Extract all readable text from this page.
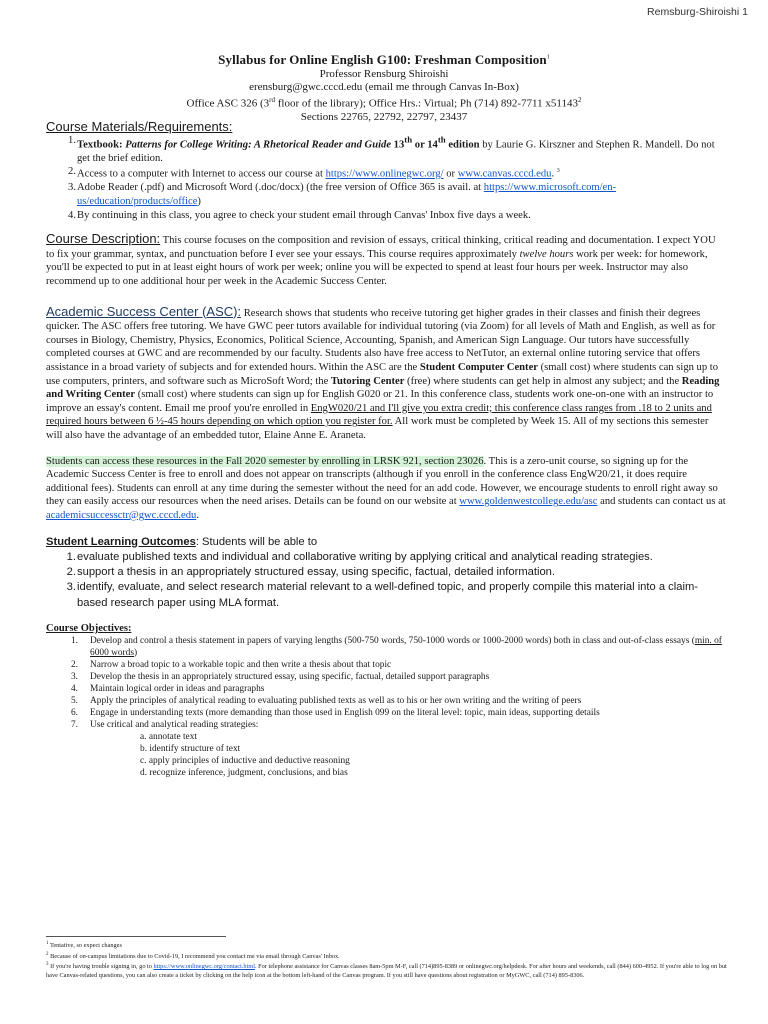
Remsburg-Shiroishi 1
Syllabus for Online English G100: Freshman Composition$^1$
Professor Rensburg Shiroishi
erensburg@gwc.cccd.edu (email me through Canvas In-Box)
Office ASC 326 (3rd floor of the library); Office Hrs.: Virtual; Ph (714) 892-7711 x51143$^2$
Sections 22765, 22792, 22797, 23437
Course Materials/Requirements:
1. Textbook: Patterns for College Writing: A Rhetorical Reader and Guide 13th or 14th edition by Laurie G. Kirszner and Stephen R. Mandell. Do not get the brief edition.
2. Access to a computer with Internet to access our course at https://www.onlinegwc.org/ or www.canvas.cccd.edu. $^3$
3. Adobe Reader (.pdf) and Microsoft Word (.doc/docx) (the free version of Office 365 is avail. at https://www.microsoft.com/en-us/education/products/office)
4. By continuing in this class, you agree to check your student email through Canvas' Inbox five days a week.
Course Description: This course focuses on the composition and revision of essays, critical thinking, critical reading and documentation. I expect YOU to fix your grammar, syntax, and punctuation before I ever see your essays. This course requires approximately twelve hours work per week: for homework, you'll be expected to put in at least eight hours of work per week; online you will be expected to spend at least four hours per week. Instructor may also recommend up to one additional hour per week in the Academic Success Center.
Academic Success Center (ASC): Research shows that students who receive tutoring get higher grades in their classes and finish their degrees quicker. The ASC offers free tutoring. We have GWC peer tutors available for individual tutoring (via Zoom) for all levels of Math and English, as well as for courses in Biology, Chemistry, Physics, Economics, Political Science, Accounting, Spanish, and American Sign Language. Our tutors have successfully completed courses at GWC and are recommended by our faculty. Students also have free access to NetTutor, an external online tutoring service that offers assistance in a broad variety of subjects and for extended hours. Within the ASC are the Student Computer Center (small cost) where students can sign up to use computers, printers, and software such as MicroSoft Word; the Tutoring Center (free) where students can get help in almost any subject; and the Reading and Writing Center (small cost) where students can sign up for English G020 or 21. In this conference class, students work one-on-one with an instructor to improve an essay's content. Email me proof you're enrolled in EngW020/21 and I'll give you extra credit; this conference class ranges from .18 to 2 units and required hours between 6 ½-45 hours depending on which option you register for. All work must be completed by Week 15. All of my sections this semester will also have the advantage of an embedded tutor, Elaine Anne E. Araneta.
Students can access these resources in the Fall 2020 semester by enrolling in LRSK 921, section 23026. This is a zero-unit course, so signing up for the Academic Success Center is free to enroll and does not appear on transcripts (although if you enroll in the conference class EngW20/21, it does require additional fees). Students can enroll at any time during the semester without the need for an add code. However, we encourage students to enroll right away so they can easily access our resources when the need arises. Details can be found on our website at www.goldenwestcollege.edu/asc and students can contact us at academicsuccessctr@gwc.cccd.edu.
Student Learning Outcomes: Students will be able to
1. evaluate published texts and individual and collaborative writing by applying critical and analytical reading strategies.
2. support a thesis in an appropriately structured essay, using specific, factual, detailed information.
3. identify, evaluate, and select research material relevant to a well-defined topic, and properly compile this material into a claim-based research paper using MLA format.
Course Objectives:
1. Develop and control a thesis statement in papers of varying lengths (500-750 words, 750-1000 words or 1000-2000 words) both in class and out-of-class essays (min. of 6000 words)
2. Narrow a broad topic to a workable topic and then write a thesis about that topic
3. Develop the thesis in an appropriately structured essay, using specific, factual, detailed support paragraphs
4. Maintain logical order in ideas and paragraphs
5. Apply the principles of analytical reading to evaluating published texts as well as to his or her own writing and the writing of peers
6. Engage in understanding texts (more demanding than those used in English 099 on the literal level: topic, main ideas, supporting details
7. Use critical and analytical reading strategies:
a. annotate text
b. identify structure of text
c. apply principles of inductive and deductive reasoning
d. recognize inference, judgment, conclusions, and bias
$^1$ Tentative, so expect changes
$^2$ Because of on-campus limitations due to Covid-19, I recommend you contact me via email through Canvas' Inbox.
$^3$ If you're having trouble signing in, go to https://www.onlinegwc.org/contact.html. For telephone assistance for Canvas classes 8am-5pm M-F, call (714)895-8389 or onlinegwc.org/helpdesk. For after hours and weekends, call (844) 600-4952. If you're able to log on but have Canvas-related questions, you can also create a ticket by clicking on the help icon at the bottom left-hand of the Canvas program. If you still have questions about registration or MyGWC, call (714) 895-8306.
